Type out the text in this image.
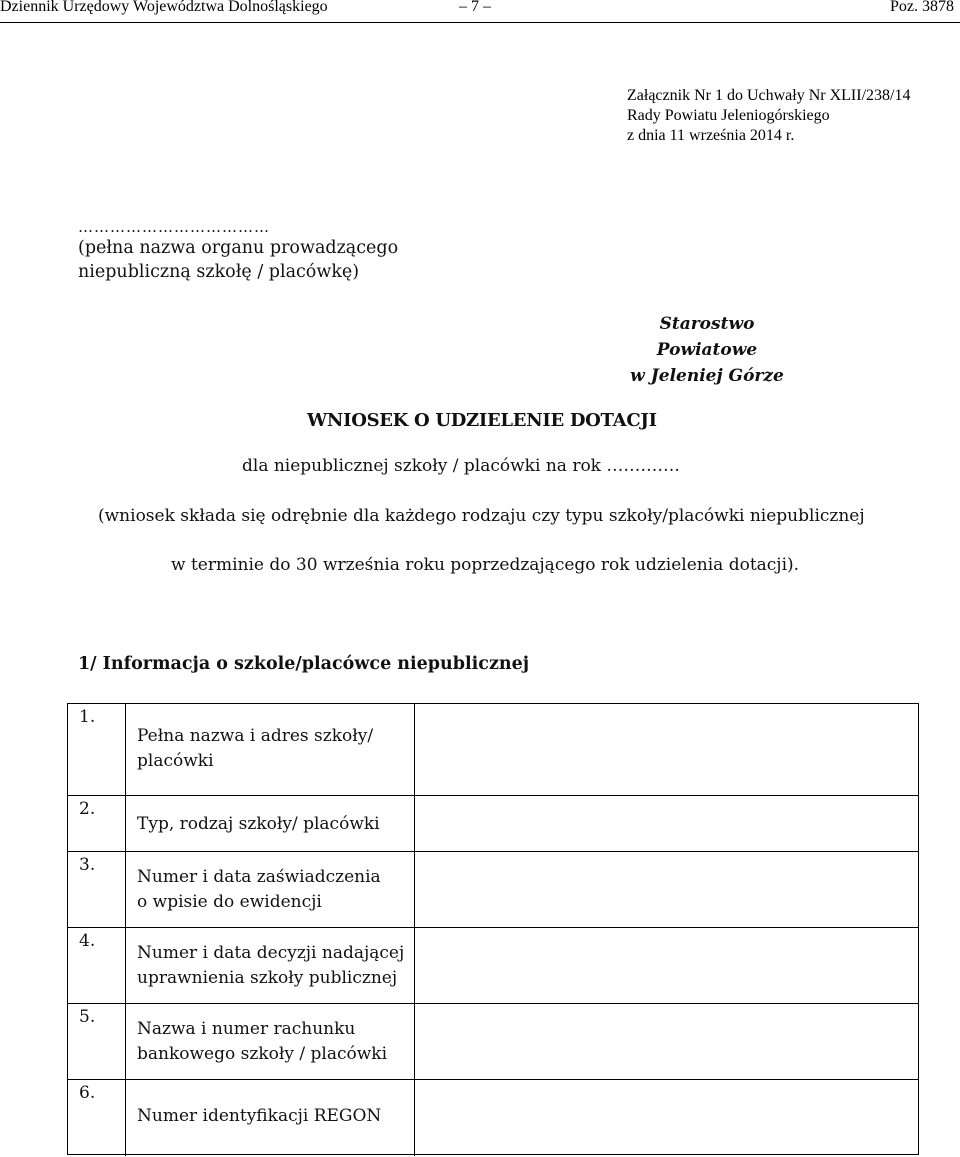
Dziennik Urzędowy Województwa Dolnośląskiego	– 7 –	Poz. 3878
Załącznik Nr 1 do Uchwały Nr XLII/238/14
Rady Powiatu Jeleniogórskiego
z dnia 11 września 2014 r.
………………………………
(pełna nazwa organu prowadzącego
niepubliczną szkołę / placówkę)
Starostwo Powiatowe
w Jeleniej Górze
WNIOSEK O UDZIELENIE DOTACJI
dla niepublicznej szkoły / placówki na rok ………….
(wniosek składa się odrębnie dla każdego rodzaju czy typu szkoły/placówki niepublicznej
w terminie do 30 września roku poprzedzającego rok udzielenia dotacji).
1/ Informacja o szkole/placówce niepublicznej
1.
Pełna nazwa i adres szkoły/
placówki
2.
Typ, rodzaj szkoły/ placówki
3.
Numer i data zaświadczenia
o wpisie do ewidencji
4.
Numer i data decyzji nadającej
uprawnienia szkoły publicznej
5.
Nazwa i numer rachunku
bankowego szkoły / placówki
6.
Numer identyfikacji REGON
